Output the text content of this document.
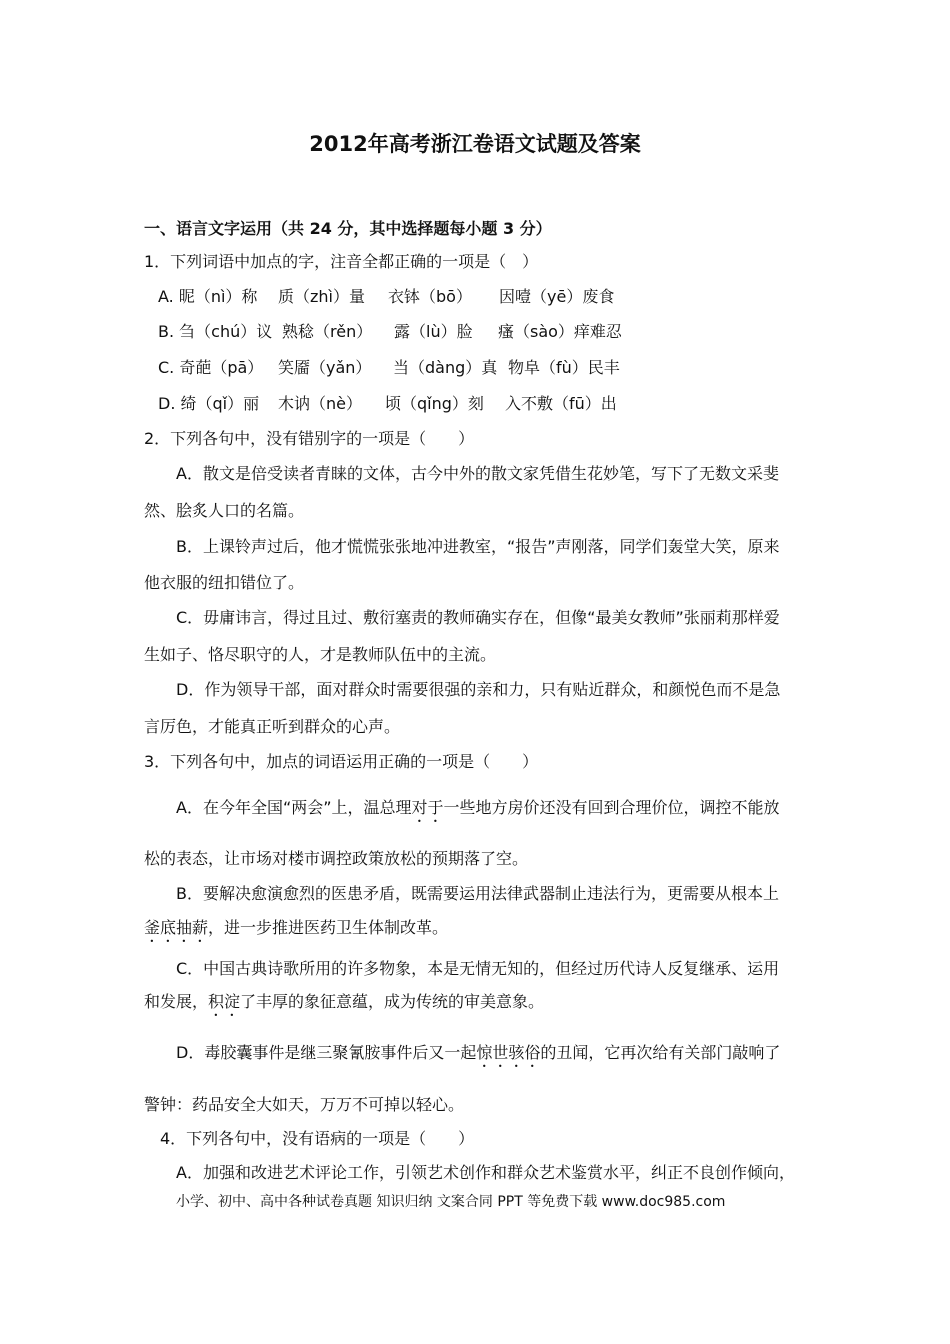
2012年高考浙江卷语文试题及答案
一、语言文字运用（共 24 分，其中选择题每小题 3 分）
1．下列词语中加点的字，注音全都正确的一项是（　）
A. 昵（nì）称 质（zhì）量 衣钵（bō） 因噎（yē）废食
B. 刍（chú）议 熟稔（rěn） 露（lù）脸 瘙（sào）痒难忍
C. 奇葩（pā） 笑靥（yǎn） 当（dàng）真 物阜（fù）民丰
D. 绮（qǐ）丽 木讷（nè） 顷（qǐng）刻 入不敷（fū）出
2．下列各句中，没有错别字的一项是（　　）
A．散文是倍受读者青睐的文体，古今中外的散文家凭借生花妙笔，写下了无数文采斐
然、脍炙人口的名篇。
B．上课铃声过后，他才慌慌张张地冲进教室，“报告”声刚落，同学们轰堂大笑，原来
他衣服的纽扣错位了。
C．毋庸讳言，得过且过、敷衍塞责的教师确实存在，但像“最美女教师”张丽莉那样爱
生如子、恪尽职守的人，才是教师队伍中的主流。
D．作为领导干部，面对群众时需要很强的亲和力，只有贴近群众，和颜悦色而不是急
言厉色，才能真正听到群众的心声。
3．下列各句中，加点的词语运用正确的一项是（　　）
A．在今年全国“两会”上，温总理对于一些地方房价还没有回到合理价位，调控不能放
松的表态，让市场对楼市调控政策放松的预期落了空。
B．要解决愈演愈烈的医患矛盾，既需要运用法律武器制止违法行为，更需要从根本上
釜底抽薪，进一步推进医药卫生体制改革。
C．中国古典诗歌所用的许多物象，本是无情无知的，但经过历代诗人反复继承、运用
和发展，积淀了丰厚的象征意蕴，成为传统的审美意象。
D．毒胶囊事件是继三聚氰胺事件后又一起惊世骇俗的丑闻，它再次给有关部门敲响了
警钟：药品安全大如天，万万不可掉以轻心。
4．下列各句中，没有语病的一项是（　　）
A．加强和改进艺术评论工作，引领艺术创作和群众艺术鉴赏水平，纠正不良创作倾向，
小学、初中、高中各种试卷真题 知识归纳 文案合同 PPT 等免费下载 www.doc985.com
